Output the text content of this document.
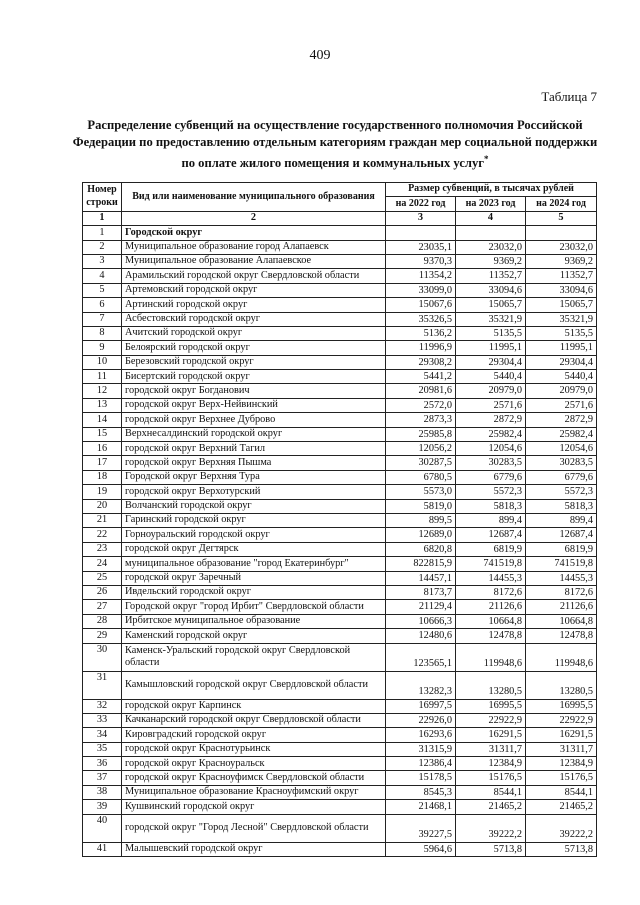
409
Таблица 7
Распределение субвенций на осуществление государственного полномочия Российской Федерации по предоставлению отдельным категориям граждан мер социальной поддержки по оплате жилого помещения и коммунальных услуг*
Номер строки	Вид или наименование муниципального образования	Размер субвенций, в тысячах рублей		
		на 2022 год	на 2023 год	на 2024 год
1	2	3	4	5
1	Городской округ			
2	Муниципальное образование город Алапаевск	23035,1	23032,0	23032,0
3	Муниципальное образование Алапаевское	9370,3	9369,2	9369,2
4	Арамильский городской округ Свердловской области	11354,2	11352,7	11352,7
5	Артемовский городской округ	33099,0	33094,6	33094,6
6	Артинский городской округ	15067,6	15065,7	15065,7
7	Асбестовский городской округ	35326,5	35321,9	35321,9
8	Ачитский городской округ	5136,2	5135,5	5135,5
9	Белоярский городской округ	11996,9	11995,1	11995,1
10	Березовский городской округ	29308,2	29304,4	29304,4
11	Бисертский городской округ	5441,2	5440,4	5440,4
12	городской округ Богданович	20981,6	20979,0	20979,0
13	городской округ Верх-Нейвинский	2572,0	2571,6	2571,6
14	городской округ Верхнее Дуброво	2873,3	2872,9	2872,9
15	Верхнесалдинский городской округ	25985,8	25982,4	25982,4
16	городской округ Верхний Тагил	12056,2	12054,6	12054,6
17	городской округ Верхняя Пышма	30287,5	30283,5	30283,5
18	Городской округ Верхняя Тура	6780,5	6779,6	6779,6
19	городской округ Верхотурский	5573,0	5572,3	5572,3
20	Волчанский городской округ	5819,0	5818,3	5818,3
21	Гаринский городской округ	899,5	899,4	899,4
22	Горноуральский городской округ	12689,0	12687,4	12687,4
23	городской округ Дегтярск	6820,8	6819,9	6819,9
24	муниципальное образование "город Екатеринбург"	822815,9	741519,8	741519,8
25	городской округ Заречный	14457,1	14455,3	14455,3
26	Ивдельский городской округ	8173,7	8172,6	8172,6
27	Городской округ "город Ирбит" Свердловской области	21129,4	21126,6	21126,6
28	Ирбитское муниципальное образование	10666,3	10664,8	10664,8
29	Каменский городской округ	12480,6	12478,8	12478,8
30	Каменск-Уральский городской округ Свердловской области	123565,1	119948,6	119948,6
31	Камышловский городской округ Свердловской области	13282,3	13280,5	13280,5
32	городской округ Карпинск	16997,5	16995,5	16995,5
33	Качканарский городской округ Свердловской области	22926,0	22922,9	22922,9
34	Кировградский городской округ	16293,6	16291,5	16291,5
35	городской округ Краснотурьинск	31315,9	31311,7	31311,7
36	городской округ Красноуральск	12386,4	12384,9	12384,9
37	городской округ Красноуфимск Свердловской области	15178,5	15176,5	15176,5
38	Муниципальное образование Красноуфимский округ	8545,3	8544,1	8544,1
39	Кушвинский городской округ	21468,1	21465,2	21465,2
40	городской округ "Город Лесной" Свердловской области	39227,5	39222,2	39222,2
41	Малышевский городской округ	5964,6	5713,8	5713,8
